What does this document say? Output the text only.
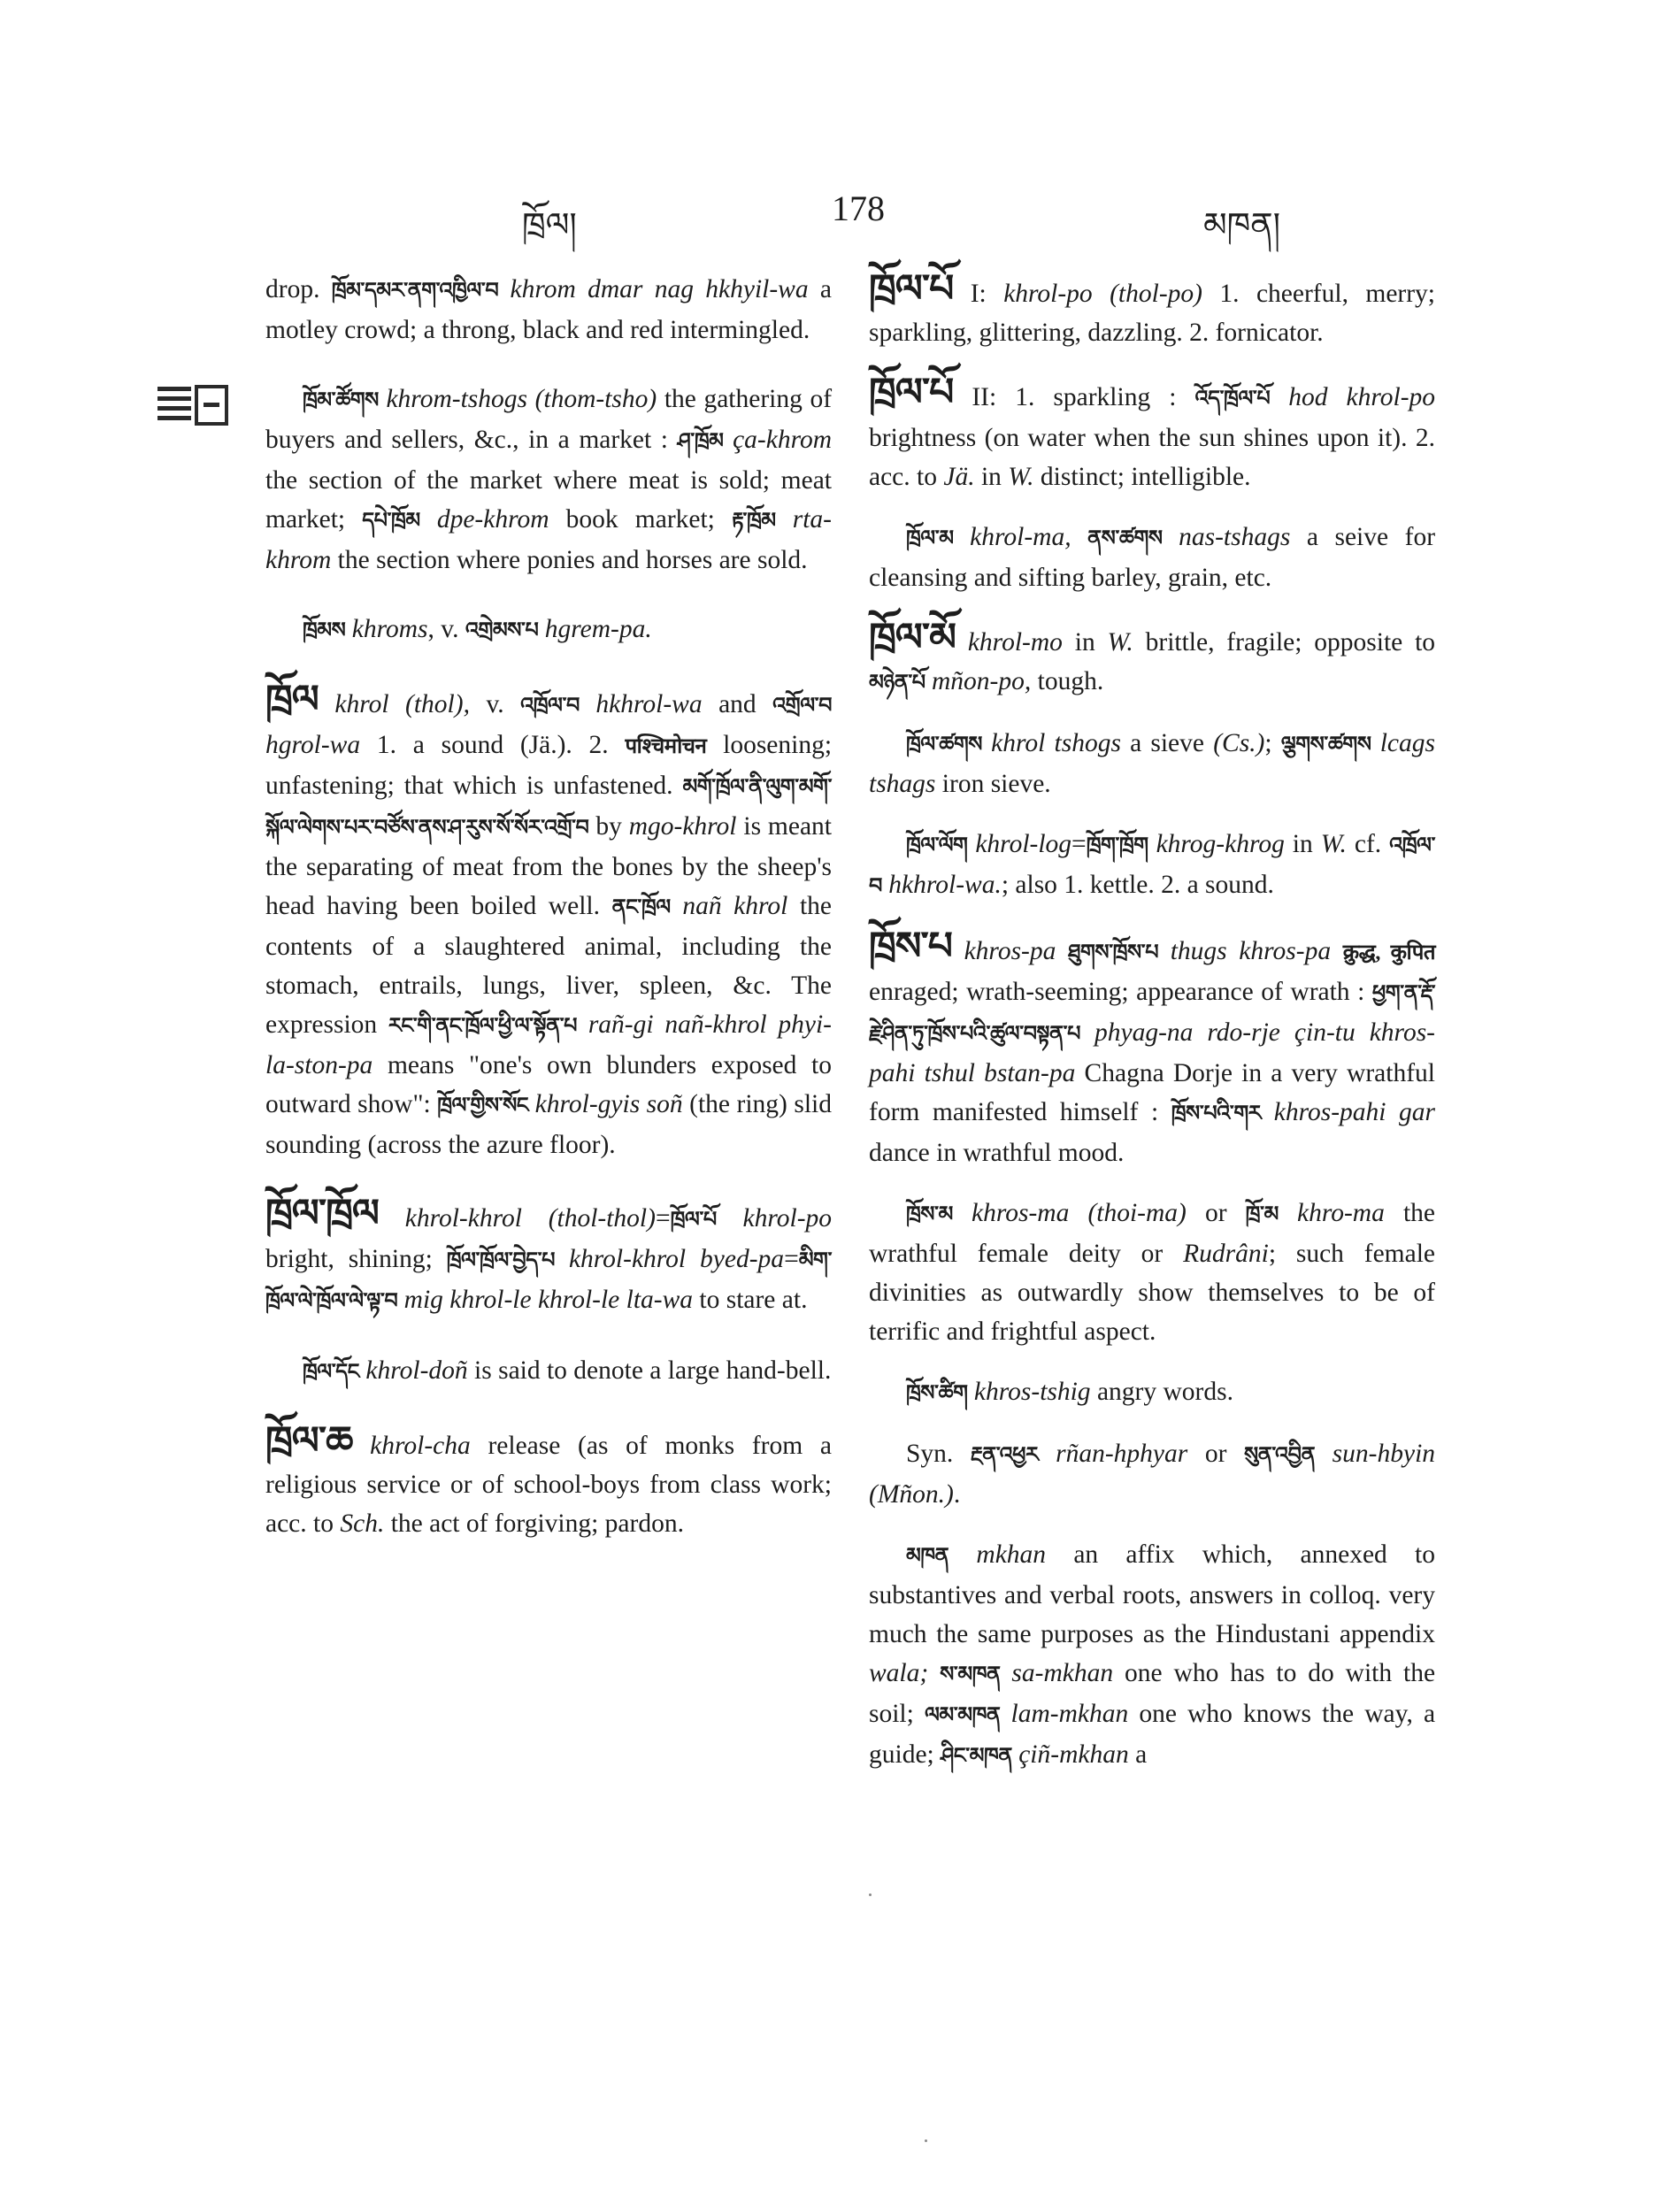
ཁྲོལ།	178	མཁན།

drop. ཁྲོམ་དམར་ནག་འཁྱིལ་བ khrom dmar nag hkhyil-wa a motley crowd; a throng, black and red intermingled.

ཁྲོམ་ཚོགས khrom-tshogs (thom-tsho) the gathering of buyers and sellers, &c., in a market : ཤ་ཁྲོམ ça-khrom the section of the market where meat is sold; meat market; དཔེ་ཁྲོམ dpe-khrom book market; རྟ་ཁྲོམ rta-khrom the section where ponies and horses are sold.

ཁྲོམས khroms, v. འགྲེམས་པ hgrem-pa.

ཁྲོལ khrol (thol), v. འཁྲོལ་བ hkhrol-wa and འགྲོལ་བ hgrol-wa 1. a sound (Jä.). 2. पश्चिमोचन loosening; unfastening; that which is unfastened. མགོ་ཁྲོལ་ནི་ལུག་མགོ་སྐོལ་ལེགས་པར་བཙོས་ནས་ཤ་རུས་སོ་སོར་འགྲོ་བ by mgo-khrol is meant the separating of meat from the bones by the sheep's head having been boiled well. ནང་ཁྲོལ nañ khrol the contents of a slaughtered animal, including the stomach, entrails, lungs, liver, spleen, &c. The expression རང་གི་ནང་ཁྲོལ་ཕྱི་ལ་སྟོན་པ rañ-gi nañ-khrol phyi-la-ston-pa means "one's own blunders exposed to outward show": ཁྲོལ་གྱིས་སོང khrol-gyis soñ (the ring) slid sounding (across the azure floor).

ཁྲོལ་ཁྲོལ khrol-khrol (thol-thol)=ཁྲོལ་པོ khrol-po bright, shining; ཁྲོལ་ཁྲོལ་བྱེད་པ khrol-khrol byed-pa=མིག་ཁྲོལ་ལེ་ཁྲོལ་ལེ་ལྟ་བ mig khrol-le khrol-le lta-wa to stare at.

ཁྲོལ་དོང khrol-doñ is said to denote a large hand-bell.

ཁྲོལ་ཆ khrol-cha release (as of monks from a religious service or of school-boys from class work; acc. to Sch. the act of forgiving; pardon.

ཁྲོལ་པོ I: khrol-po (thol-po) 1. cheerful, merry; sparkling, glittering, dazzling. 2. fornicator.

ཁྲོལ་པོ II: 1. sparkling : འོད་ཁྲོལ་པོ hod khrol-po brightness (on water when the sun shines upon it). 2. acc. to Jä. in W. distinct; intelligible.

ཁྲོལ་མ khrol-ma, ནས་ཚགས nas-tshags a seive for cleansing and sifting barley, grain, etc.

ཁྲོལ་མོ khrol-mo in W. brittle, fragile; opposite to མཉེན་པོ mñon-po, tough.

ཁྲོལ་ཚགས khrol tshogs a sieve (Cs.); ལྕགས་ཚགས lcags tshags iron sieve.

ཁྲོལ་ལོག khrol-log=ཁྲོག་ཁྲོག khrog-khrog in W. cf. འཁྲོལ་བ hkhrol-wa.; also 1. kettle. 2. a sound.

ཁྲོས་པ khros-pa ཐུགས་ཁྲོས་པ thugs khros-pa क्रुद्ध, कुपित enraged; wrath-seeming; appearance of wrath : ཕྱག་ན་རྡོ་རྗེ་ཤིན་ཏུ་ཁྲོས་པའི་ཚུལ་བསྟན་པ phyag-na rdo-rje çin-tu khros-pahi tshul bstan-pa Chagna Dorje in a very wrathful form manifested himself : ཁྲོས་པའི་གར khros-pahi gar dance in wrathful mood.

ཁྲོས་མ khros-ma (thoi-ma) or ཁྲོ་མ khro-ma the wrathful female deity or Rudrâni; such female divinities as outwardly show themselves to be of terrific and frightful aspect.

ཁྲོས་ཚིག khros-tshig angry words.

Syn. རྔན་འཕྱར rñan-hphyar or སུན་འབྱིན sun-hbyin (Mñon.).

མཁན mkhan an affix which, annexed to substantives and verbal roots, answers in colloq. very much the same purposes as the Hindustani appendix wala; ས་མཁན sa-mkhan one who has to do with the soil; ལམ་མཁན lam-mkhan one who knows the way, a guide; ཤིང་མཁན çiñ-mkhan a
